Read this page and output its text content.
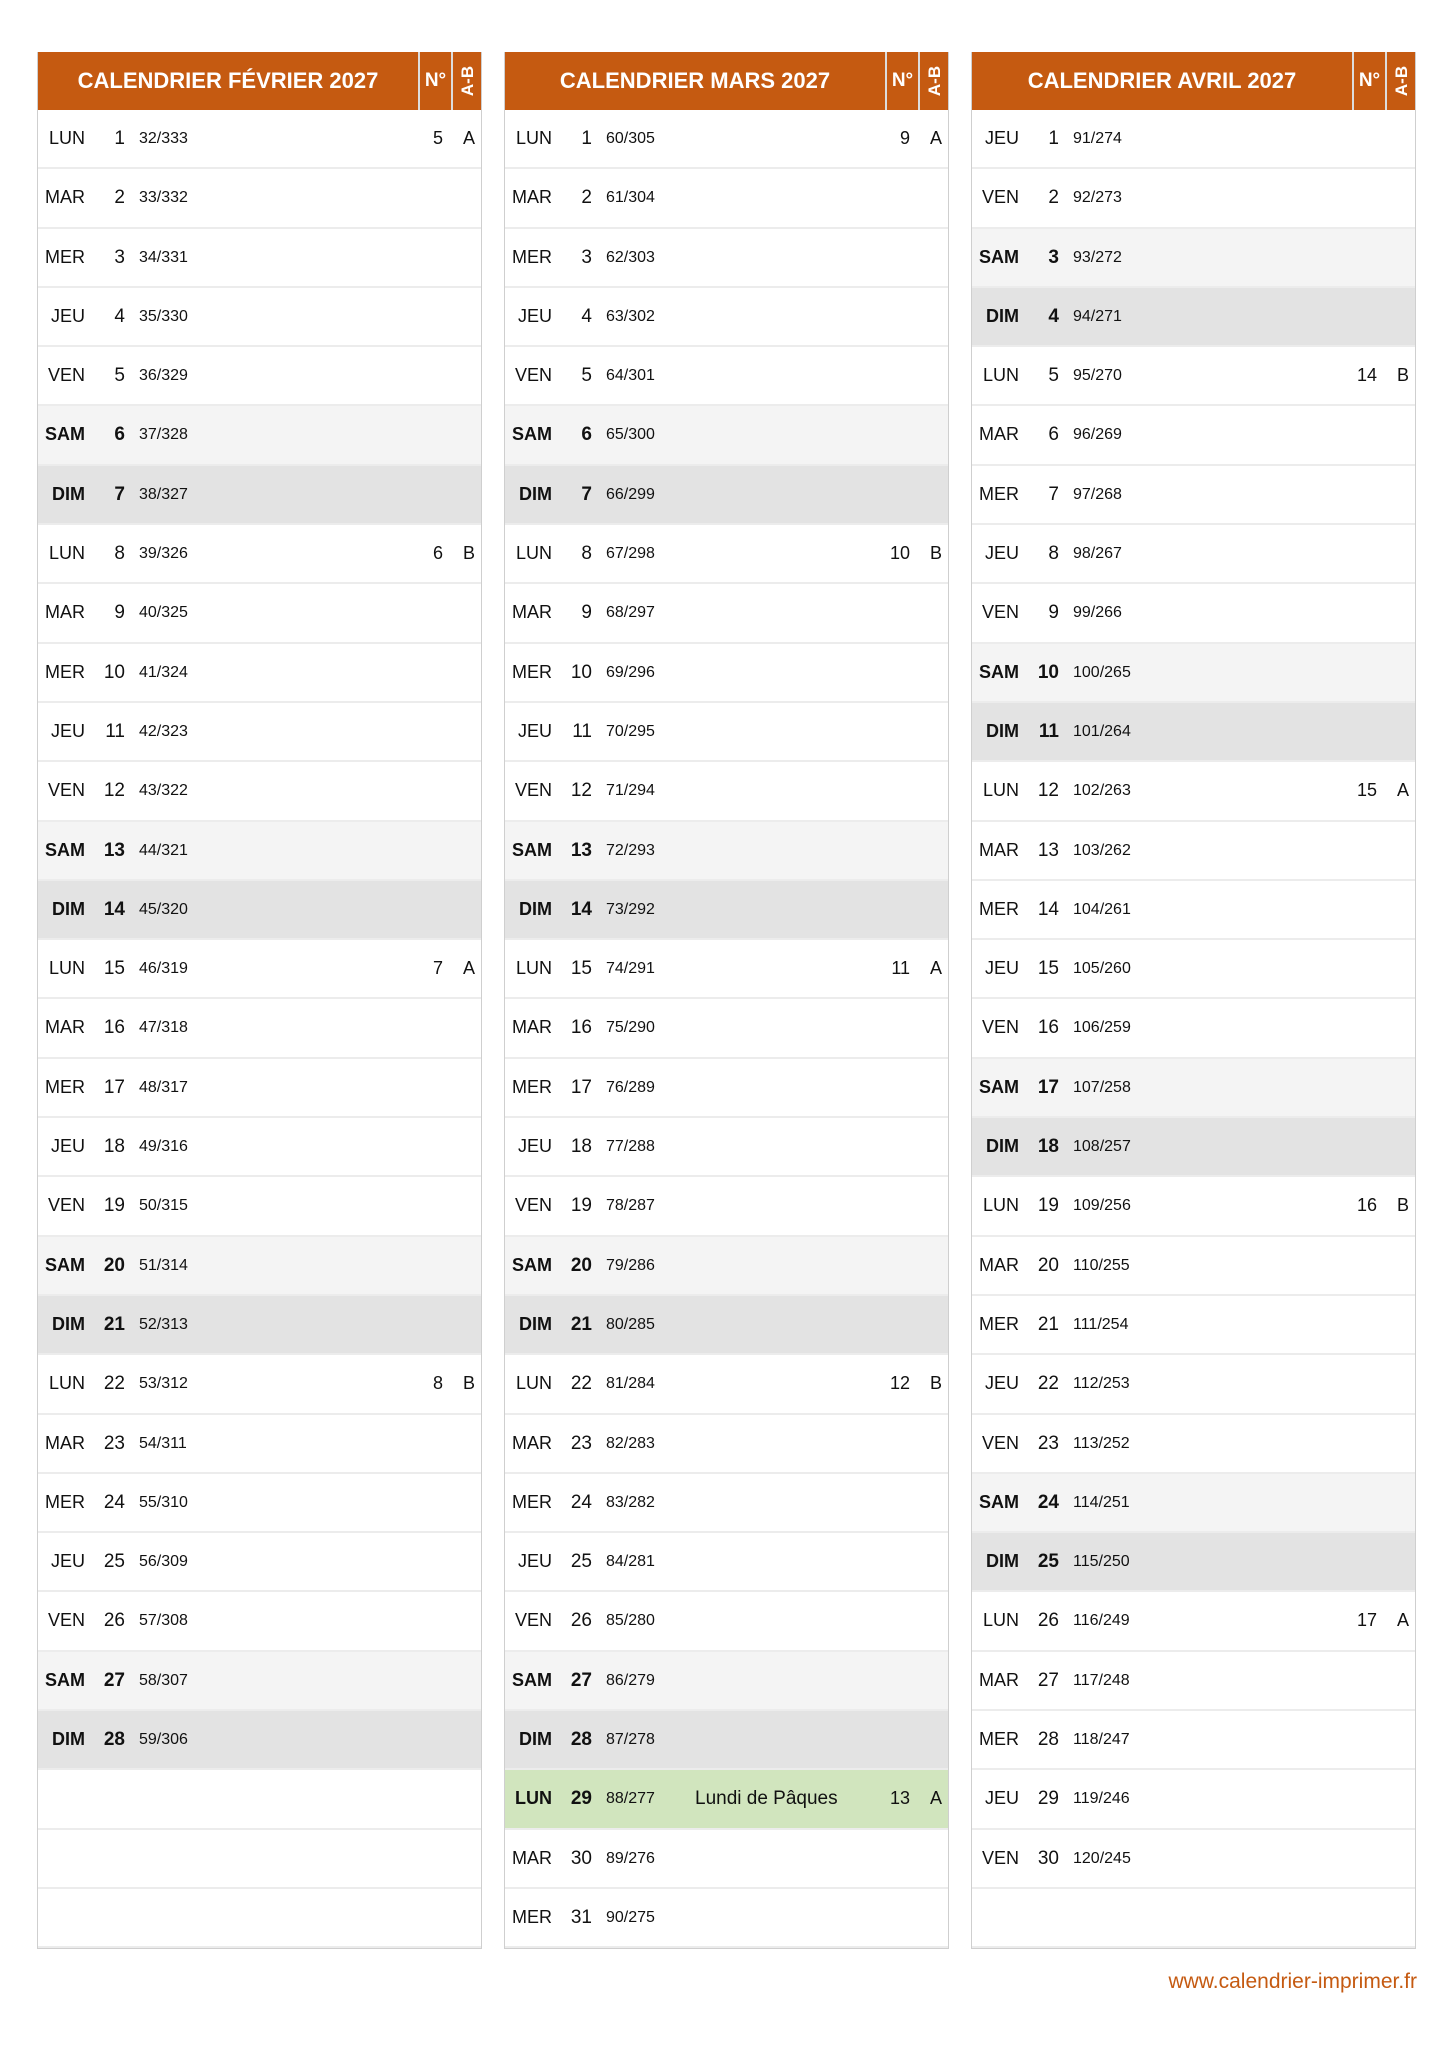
CALENDRIER FÉVRIER 2027	N° A-B
LUN 1 32/333	5 A
MAR 2 33/332
MER 3 34/331
JEU 4 35/330
VEN 5 36/329
SAM 6 37/328
DIM 7 38/327
LUN 8 39/326	6 B
MAR 9 40/325
MER 10 41/324
JEU 11 42/323
VEN 12 43/322
SAM 13 44/321
DIM 14 45/320
LUN 15 46/319	7 A
MAR 16 47/318
MER 17 48/317
JEU 18 49/316
VEN 19 50/315
SAM 20 51/314
DIM 21 52/313
LUN 22 53/312	8 B
MAR 23 54/311
MER 24 55/310
JEU 25 56/309
VEN 26 57/308
SAM 27 58/307
DIM 28 59/306
CALENDRIER MARS 2027	N° A-B
LUN 1 60/305	9 A
MAR 2 61/304
MER 3 62/303
JEU 4 63/302
VEN 5 64/301
SAM 6 65/300
DIM 7 66/299
LUN 8 67/298	10 B
MAR 9 68/297
MER 10 69/296
JEU 11 70/295
VEN 12 71/294
SAM 13 72/293
DIM 14 73/292
LUN 15 74/291	11 A
MAR 16 75/290
MER 17 76/289
JEU 18 77/288
VEN 19 78/287
SAM 20 79/286
DIM 21 80/285
LUN 22 81/284	12 B
MAR 23 82/283
MER 24 83/282
JEU 25 84/281
VEN 26 85/280
SAM 27 86/279
DIM 28 87/278
LUN 29 88/277 Lundi de Pâques	13 A
MAR 30 89/276
MER 31 90/275
CALENDRIER AVRIL 2027	N° A-B
JEU 1 91/274
VEN 2 92/273
SAM 3 93/272
DIM 4 94/271
LUN 5 95/270	14 B
MAR 6 96/269
MER 7 97/268
JEU 8 98/267
VEN 9 99/266
SAM 10 100/265
DIM 11 101/264
LUN 12 102/263	15 A
MAR 13 103/262
MER 14 104/261
JEU 15 105/260
VEN 16 106/259
SAM 17 107/258
DIM 18 108/257
LUN 19 109/256	16 B
MAR 20 110/255
MER 21 111/254
JEU 22 112/253
VEN 23 113/252
SAM 24 114/251
DIM 25 115/250
LUN 26 116/249	17 A
MAR 27 117/248
MER 28 118/247
JEU 29 119/246
VEN 30 120/245
www.calendrier-imprimer.fr
